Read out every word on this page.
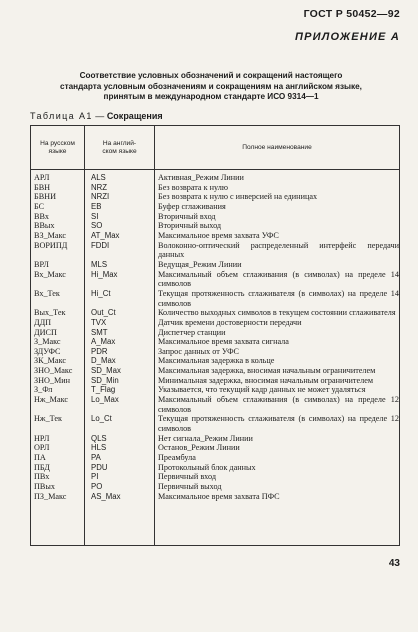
ГОСТ Р 50452—92
ПРИЛОЖЕНИЕ А
Соответствие условных обозначений и сокращений настоящего
стандарта условным обозначениям и сокращениям на английском языке,
принятым в международном стандарте ИСО 9314—1
Таблица А1 — Сокращения
На русском
языке
На англий-
ском языке
Полное наименование
АРЛ	ALS	Активная_Режим Линии
БВН	NRZ	Без возврата к нулю
БВНИ	NRZI	Без возврата к нулю с инверсией на единицах
БС	EB	Буфер сглаживания
ВВх	SI	Вторичный вход
ВВых	SO	Вторичный выход
ВЗ_Макс	AT_Max	Максимальное время захвата УФС
ВОРИПД	FDDI	Волоконно-оптический распределенный интерфейс передачи данных
ВРЛ	MLS	Ведущая_Режим Линии
Вх_Макс	Hi_Max	Максимальный объем сглаживания (в символах) на пределе 14 символов
Вх_Тек	Hi_Ct	Текущая протяженность сглаживателя (в символах) на пределе 14 символов
Вых_Тек	Out_Ct	Количество выходных символов в текущем состоянии сглаживателя
ДДП	TVX	Датчик времени достоверности передачи
ДИСП	SMT	Диспетчер станции
З_Макс	A_Max	Максимальное время захвата сигнала
ЗДУФС	PDR	Запрос данных от УФС
ЗК_Макс	D_Max	Максимальная задержка в кольце
ЗНО_Макс SD_Max	Максимальная задержка, вносимая начальным ограничителем
ЗНО_Мин	SD_Min	Минимальная задержка, вносимая начальным ограничителем
З_Фл	T_Flag	Указывается, что текущий кадр данных не может удаляться
Нж_Макс	Lo_Max	Максимальный объем сглаживания (в символах) на пределе 12 символов
Нж_Тек	Lo_Ct	Текущая протяженность сглаживателя (в символах) на пределе 12 символов
НРЛ	QLS	Нет сигнала_Режим Линии
ОРЛ	HLS	Останов_Режим Линии
ПА	PA	Преамбула
ПБД	PDU	Протокольный блок данных
ПВх	PI	Первичный вход
ПВых	PO	Первичный выход
ПЗ_Макс	AS_Max	Максимальное время захвата ПФС
43
